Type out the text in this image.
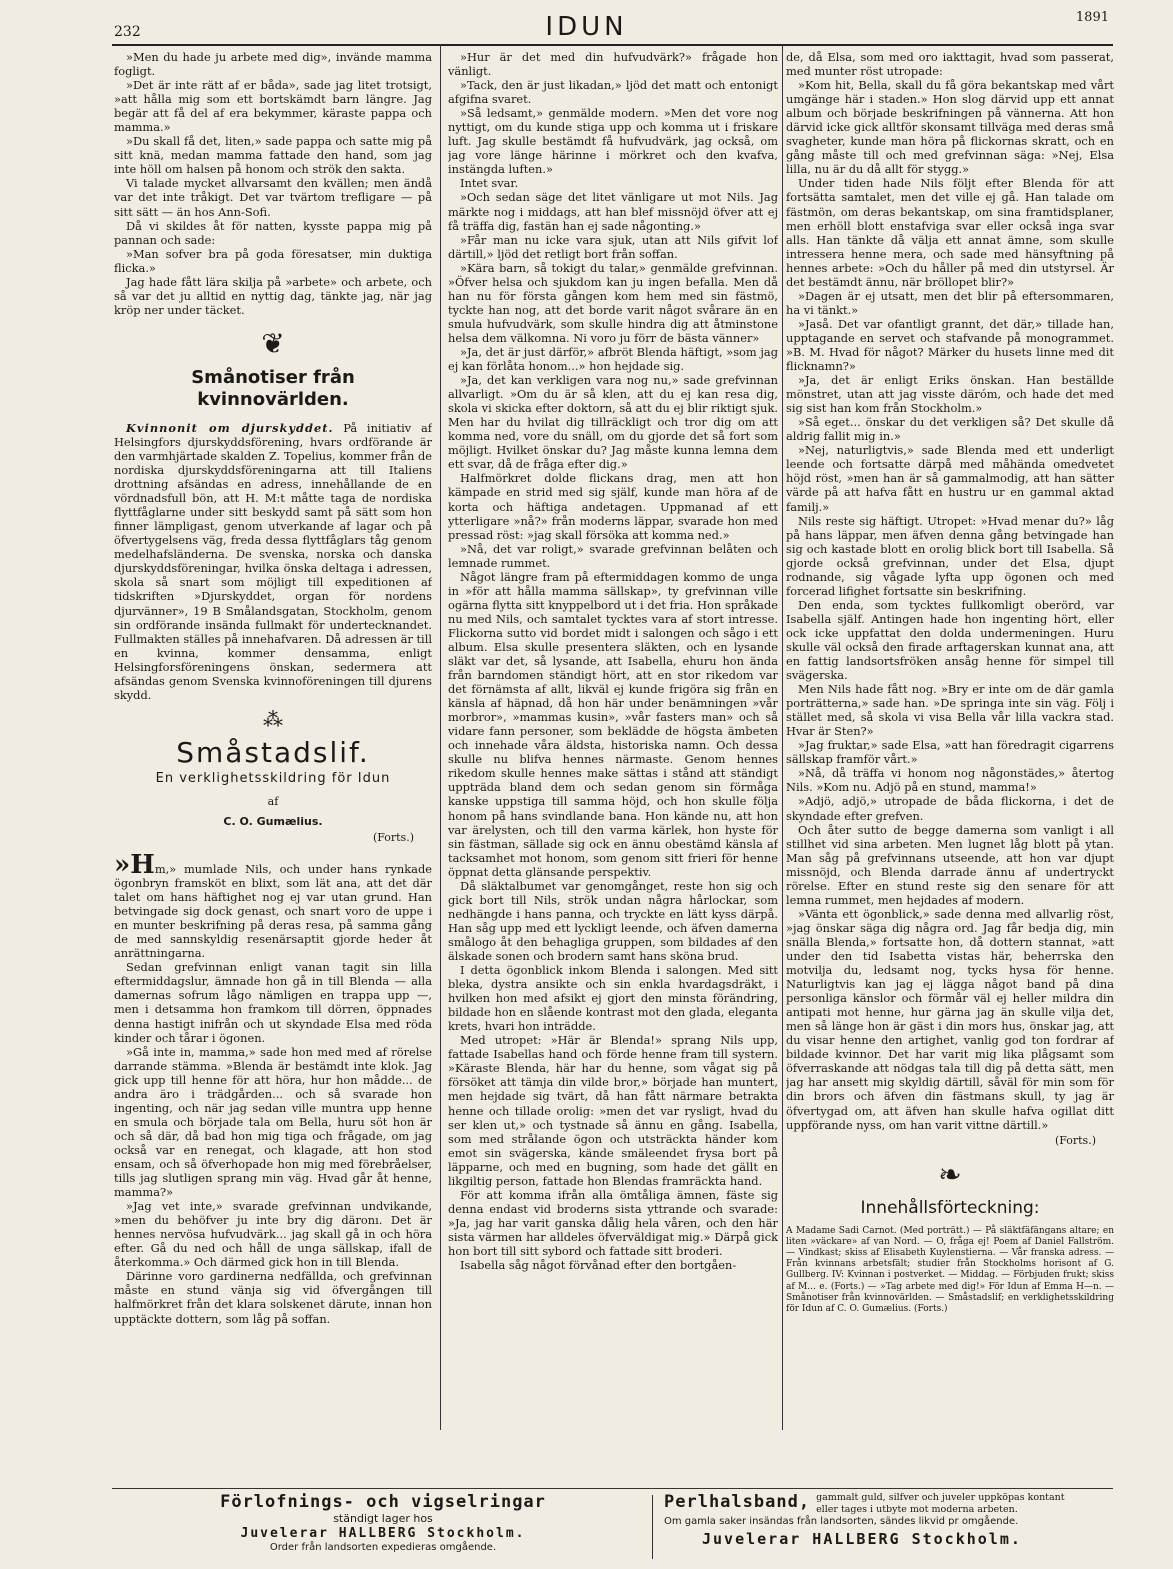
232	IDUN	1891

»Men du hade ju arbete med dig», invände mamma fogligt.

»Det är inte rätt af er båda», sade jag litet trotsigt, »att hålla mig som ett bortskämdt barn längre. Jag begär att få del af era bekymmer, käraste pappa och mamma.»

»Du skall få det, liten,» sade pappa och satte mig på sitt knä, medan mamma fattade den hand, som jag inte höll om halsen på honom och strök den sakta.

Vi talade mycket allvarsamt den kvällen; men ändå var det inte tråkigt. Det var tvärtom trefligare — på sitt sätt — än hos Ann-Sofi.

Då vi skildes åt för natten, kysste pappa mig på pannan och sade:

»Man sofver bra på goda föresatser, min duktiga flicka.»

Jag hade fått lära skilja på »arbete» och arbete, och så var det ju alltid en nyttig dag, tänkte jag, när jag kröp ner under täcket.

❦
Smånotiser från kvinnovärlden.

Kvinnonit om djurskyddet. På initiativ af Helsingfors djurskyddsförening, hvars ordförande är den varmhjärtade skalden Z. Topelius, kommer från de nordiska djurskyddsföreningarna att till Italiens drottning afsändas en adress, innehållande de en vördnadsfull bön, att H. M:t måtte taga de nordiska flyttfåglarne under sitt beskydd samt på sätt som hon finner lämpligast, genom utverkande af lagar och på öfvertygelsens väg, freda dessa flyttfåglars tåg genom medelhafsländerna. De svenska, norska och danska djurskyddsföreningar, hvilka önska deltaga i adressen, skola så snart som möjligt till expeditionen af tidskriften »Djurskyddet, organ för nordens djurvänner», 19 B Smålandsgatan, Stockholm, genom sin ordförande insända fullmakt för undertecknandet. Fullmakten ställes på innehafvaren. Då adressen är till en kvinna, kommer densamma, enligt Helsingforsföreningens önskan, sedermera att afsändas genom Svenska kvinnoföreningen till djurens skydd.

⁂
Småstadslif.
En verklighetsskildring för Idun
af
C. O. Gumælius.
(Forts.)

»Hm,» mumlade Nils, och under hans rynkade ögonbryn framsköt en blixt, som lät ana, att det där talet om hans häftighet nog ej var utan grund. Han betvingade sig dock genast, och snart voro de uppe i en munter beskrifning på deras resa, på samma gång de med sannskyldig resenärsaptit gjorde heder åt anrättningarna.

Sedan grefvinnan enligt vanan tagit sin lilla eftermiddagslur, ämnade hon gå in till Blenda — alla damernas sofrum lågo nämligen en trappa upp —, men i detsamma hon framkom till dörren, öppnades denna hastigt inifrån och ut skyndade Elsa med röda kinder och tårar i ögonen.

»Gå inte in, mamma,» sade hon med med af rörelse darrande stämma. »Blenda är bestämdt inte klok. Jag gick upp till henne för att höra, hur hon mådde... de andra äro i trädgården... och så svarade hon ingenting, och när jag sedan ville muntra upp henne en smula och började tala om Bella, huru söt hon är och så där, då bad hon mig tiga och frågade, om jag också var en renegat, och klagade, att hon stod ensam, och så öfverhopade hon mig med förebråelser, tills jag slutligen sprang min väg. Hvad går åt henne, mamma?»

»Jag vet inte,» svarade grefvinnan undvikande, »men du behöfver ju inte bry dig däronı. Det är hennes nervösa hufvudvärk... jag skall gå in och höra efter. Gå du ned och håll de unga sällskap, ifall de återkomma.» Och därmed gick hon in till Blenda.

Därinne voro gardinerna nedfällda, och grefvinnan måste en stund vänja sig vid öfvergången till halfmörkret från det klara solskenet därute, innan hon upptäckte dottern, som låg på soffan.

»Hur är det med din hufvudvärk?» frågade hon vänligt.

»Tack, den är just likadan,» ljöd det matt och entonigt afgifna svaret.

»Så ledsamt,» genmälde modern. »Men det vore nog nyttigt, om du kunde stiga upp och komma ut i friskare luft. Jag skulle bestämdt få hufvudvärk, jag också, om jag vore länge härinne i mörkret och den kvafva, instängda luften.»

Intet svar.

»Och sedan säge det litet vänligare ut mot Nils. Jag märkte nog i middags, att han blef missnöjd öfver att ej få träffa dig, fastän han ej sade någonting.»

»Får man nu icke vara sjuk, utan att Nils gifvit lof därtill,» ljöd det retligt bort från soffan.

»Kära barn, så tokigt du talar,» genmälde grefvinnan. »Öfver helsa och sjukdom kan ju ingen befalla. Men då han nu för första gången kom hem med sin fästmö, tyckte han nog, att det borde varit något svårare än en smula hufvudvärk, som skulle hindra dig att åtminstone helsa dem välkomna. Ni voro ju förr de bästa vänner»

»Ja, det är just därför,» afbröt Blenda häftigt, »som jag ej kan förlåta honom...» hon hejdade sig.

»Ja, det kan verkligen vara nog nu,» sade grefvinnan allvarligt. »Om du är så klen, att du ej kan resa dig, skola vi skicka efter doktorn, så att du ej blir riktigt sjuk. Men har du hvilat dig tillräckligt och tror dig om att komma ned, vore du snäll, om du gjorde det så fort som möjligt. Hvilket önskar du? Jag måste kunna lemna dem ett svar, då de fråga efter dig.»

Halfmörkret dolde flickans drag, men att hon kämpade en strid med sig själf, kunde man höra af de korta och häftiga andetagen. Uppmanad af ett ytterligare »nå?» från moderns läppar, svarade hon med pressad röst: »jag skall försöka att komma ned.»

»Nå, det var roligt,» svarade grefvinnan belåten och lemnade rummet.

Något längre fram på eftermiddagen kommo de unga in »för att hålla mamma sällskap», ty grefvinnan ville ogärna flytta sitt knyppelbord ut i det fria. Hon språkade nu med Nils, och samtalet tycktes vara af stort intresse. Flickorna sutto vid bordet midt i salongen och sågo i ett album. Elsa skulle presentera släkten, och en lysande släkt var det, så lysande, att Isabella, ehuru hon ända från barndomen ständigt hört, att en stor rikedom var det förnämsta af allt, likväl ej kunde frigöra sig från en känsla af häpnad, då hon här under benämningen »vår morbror», »mammas kusin», »vår fasters man» och så vidare fann personer, som beklädde de högsta ämbeten och innehade våra äldsta, historiska namn. Och dessa skulle nu blifva hennes närmaste. Genom hennes rikedom skulle hennes make sättas i stånd att ständigt uppträda bland dem och sedan genom sin förmåga kanske uppstiga till samma höjd, och hon skulle följa honom på hans svindlande bana. Hon kände nu, att hon var ärelysten, och till den varma kärlek, hon hyste för sin fästman, sällade sig ock en ännu obestämd känsla af tacksamhet mot honom, som genom sitt frieri för henne öppnat detta glänsande perspektiv.

Då släktalbumet var genomgånget, reste hon sig och gick bort till Nils, strök undan några hårlockar, som nedhängde i hans panna, och tryckte en lätt kyss därpå. Han såg upp med ett lyckligt leende, och äfven damerna smålogo åt den behagliga gruppen, som bildades af den älskade sonen och brodern samt hans sköna brud.

I detta ögonblick inkom Blenda i salongen. Med sitt bleka, dystra ansikte och sin enkla hvardagsdräkt, i hvilken hon med afsikt ej gjort den minsta förändring, bildade hon en slående kontrast mot den glada, eleganta krets, hvari hon inträdde.

Med utropet: »Här är Blenda!» sprang Nils upp, fattade Isabellas hand och förde henne fram till systern. »Käraste Blenda, här har du henne, som vågat sig på försöket att tämja din vilde bror,» började han muntert, men hejdade sig tvärt, då han fått närmare betrakta henne och tillade orolig: »men det var rysligt, hvad du ser klen ut,» och tystnade så ännu en gång. Isabella, som med strålande ögon och utsträckta händer kom emot sin svägerska, kände smäleendet frysa bort på läpparne, och med en bugning, som hade det gällt en likgiltig person, fattade hon Blendas framräckta hand.

För att komma ifrån alla ömtåliga ämnen, fäste sig denna endast vid broderns sista yttrande och svarade: »Ja, jag har varit ganska dålig hela våren, och den här sista värmen har alldeles öfverväldigat mig.» Därpå gick hon bort till sitt sybord och fattade sitt broderi.

Isabella såg något förvånad efter den bortgåen-

de, då Elsa, som med oro iakttagit, hvad som passerat, med munter röst utropade:

»Kom hit, Bella, skall du få göra bekantskap med vårt umgänge här i staden.» Hon slog därvid upp ett annat album och började beskrifningen på vännerna. Att hon därvid icke gick alltför skonsamt tillväga med deras små svagheter, kunde man höra på flickornas skratt, och en gång måste till och med grefvinnan säga: »Nej, Elsa lilla, nu är du då allt för stygg.»

Under tiden hade Nils följt efter Blenda för att fortsätta samtalet, men det ville ej gå. Han talade om fästmön, om deras bekantskap, om sina framtidsplaner, men erhöll blott enstafviga svar eller också inga svar alls. Han tänkte då välja ett annat ämne, som skulle intressera henne mera, och sade med hänsyftning på hennes arbete: »Och du håller på med din utstyrsel. Är det bestämdt ännu, när bröllopet blir?»

»Dagen är ej utsatt, men det blir på eftersommaren, ha vi tänkt.»

»Jaså. Det var ofantligt grannt, det där,» tillade han, upptagande en servet och stafvande på monogrammet. »B. M. Hvad för något? Märker du husets linne med dit flicknamn?»

»Ja, det är enligt Eriks önskan. Han beställde mönstret, utan att jag visste däróm, och hade det med sig sist han kom från Stockholm.»

»Så eget... önskar du det verkligen så? Det skulle då aldrig fallit mig in.»

»Nej, naturligtvis,» sade Blenda med ett underligt leende och fortsatte därpå med måhända omedvetet höjd röst, »men han är så gammalmodig, att han sätter värde på att hafva fått en hustru ur en gammal aktad familj.»

Nils reste sig häftigt. Utropet: »Hvad menar du?» låg på hans läppar, men äfven denna gång betvingade han sig och kastade blott en orolig blick bort till Isabella. Så gjorde också grefvinnan, under det Elsa, djupt rodnande, sig vågade lyfta upp ögonen och med forcerad lifighet fortsatte sin beskrifning.

Den enda, som tycktes fullkomligt oberörd, var Isabella själf. Antingen hade hon ingenting hört, eller ock icke uppfattat den dolda undermeningen. Huru skulle väl också den firade arftagerskan kunnat ana, att en fattig landsortsfröken ansåg henne för simpel till svägerska.

Men Nils hade fått nog. »Bry er inte om de där gamla porträtterna,» sade han. »De springa inte sin väg. Följ i stället med, så skola vi visa Bella vår lilla vackra stad. Hvar är Sten?»

»Jag fruktar,» sade Elsa, »att han föredragit cigarrens sällskap framför vårt.»

»Nå, då träffa vi honom nog någonstädes,» återtog Nils. »Kom nu. Adjö på en stund, mamma!»

»Adjö, adjö,» utropade de båda flickorna, i det de skyndade efter grefven.

Och åter sutto de begge damerna som vanligt i all stillhet vid sina arbeten. Men lugnet låg blott på ytan. Man såg på grefvinnans utseende, att hon var djupt missnöjd, och Blenda darrade ännu af undertryckt rörelse. Efter en stund reste sig den senare för att lemna rummet, men hejdades af modern.

»Vänta ett ögonblick,» sade denna med allvarlig röst, »jag önskar säga dig några ord. Jag får bedja dig, min snälla Blenda,» fortsatte hon, då dottern stannat, »att under den tid Isabetta vistas här, beherrska den motvilja du, ledsamt nog, tycks hysa för henne. Naturligtvis kan jag ej lägga något band på dina personliga känslor och förmår väl ej heller mildra din antipati mot henne, hur gärna jag än skulle vilja det, men så länge hon är gäst i din mors hus, önskar jag, att du visar henne den artighet, vanlig god ton fordrar af bildade kvinnor. Det har varit mig lika plågsamt som öfverraskande att nödgas tala till dig på detta sätt, men jag har ansett mig skyldig därtill, såväl för min som för din brors och äfven din fästmans skull, ty jag är öfvertygad om, att äfven han skulle hafva ogillat ditt uppförande nyss, om han varit vittne därtill.»

(Forts.)
❧
Innehållsförteckning:
A Madame Sadi Carnot. (Med porträtt.) — På släktfäfängans altare; en liten »väckare» af van Nord. — O, fråga ej! Poem af Daniel Fallström. — Vindkast; skiss af Elisabeth Kuylenstierna. — Vår franska adress. — Från kvinnans arbetsfält; studier från Stockholms horisont af G. Gullberg. IV: Kvinnan i postverket. — Middag. — Förbjuden frukt; skiss af M... e. (Forts.) — »Tag arbete med dig!» För Idun af Emma H—n. — Smånotiser från kvinnovärlden. — Småstadslif; en verklighetsskildring för Idun af C. O. Gumælius. (Forts.)
Förlofnings- och vigselringar
ständigt lager hos
Juvelerar HALLBERG Stockholm.
Order från landsorten expedieras omgående.
Perlhalsband, gammalt guld, silfver och juveler uppköpas kontant eller tages i utbyte mot moderna arbeten.
Om gamla saker insändas från landsorten, sändes likvid pr omgående.
Juvelerar HALLBERG Stockholm.
